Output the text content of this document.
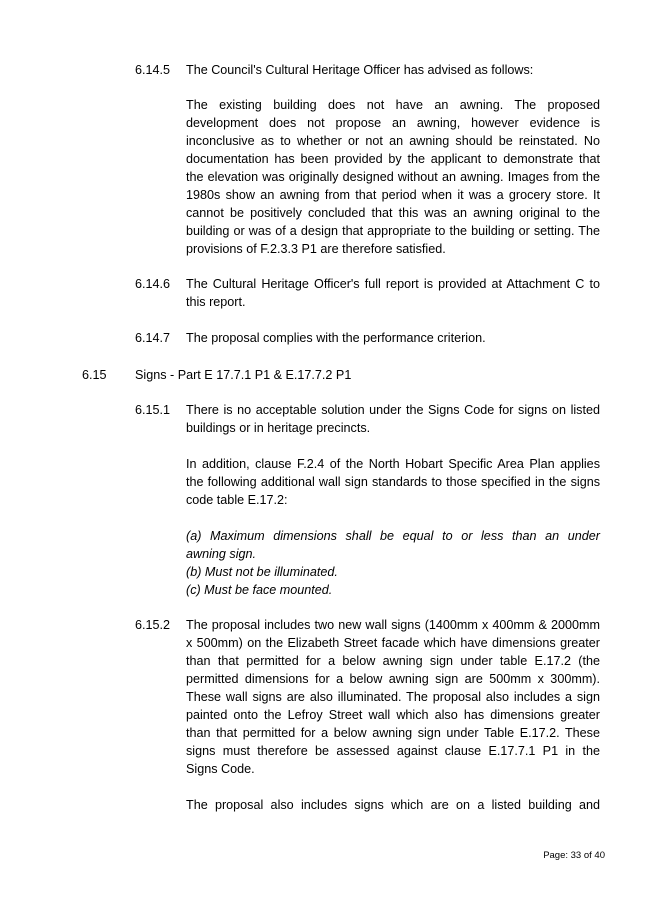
6.14.5 The Council's Cultural Heritage Officer has advised as follows:
The existing building does not have an awning. The proposed
development does not propose an awning, however evidence is
inconclusive as to whether or not an awning should be reinstated. No
documentation has been provided by the applicant to demonstrate that
the elevation was originally designed without an awning. Images from the
1980s show an awning from that period when it was a grocery store. It
cannot be positively concluded that this was an awning original to the
building or was of a design that appropriate to the building or setting. The
provisions of F.2.3.3 P1 are therefore satisfied.
6.14.6 The Cultural Heritage Officer's full report is provided at Attachment C to
this report.
6.14.7 The proposal complies with the performance criterion.
6.15 Signs - Part E 17.7.1 P1 & E.17.7.2 P1
6.15.1 There is no acceptable solution under the Signs Code for signs on listed
buildings or in heritage precincts.
In addition, clause F.2.4 of the North Hobart Specific Area Plan applies
the following additional wall sign standards to those specified in the signs
code table E.17.2:
(a) Maximum dimensions shall be equal to or less than an under
awning sign.
(b) Must not be illuminated.
(c) Must be face mounted.
6.15.2 The proposal includes two new wall signs (1400mm x 400mm & 2000mm
x 500mm) on the Elizabeth Street facade which have dimensions greater
than that permitted for a below awning sign under table E.17.2 (the
permitted dimensions for a below awning sign are 500mm x 300mm).
These wall signs are also illuminated. The proposal also includes a sign
painted onto the Lefroy Street wall which also has dimensions greater
than that permitted for a below awning sign under Table E.17.2. These
signs must therefore be assessed against clause E.17.7.1 P1 in the
Signs Code.
The proposal also includes signs which are on a listed building and
Page: 33 of 40
